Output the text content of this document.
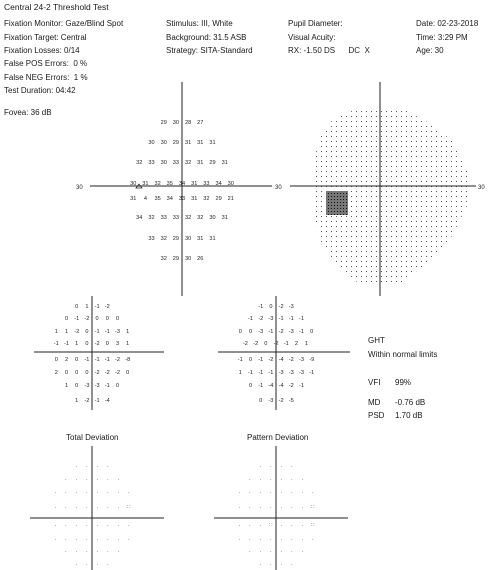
Central 24-2 Threshold Test
Fixation Monitor: Gaze/Blind Spot
Fixation Target: Central
Fixation Losses: 0/14
False POS Errors:  0 %
False NEG Errors:  1 %
Test Duration: 04:42
Fovea: 36 dB
Stimulus: III, White
Background: 31.5 ASB
Strategy: SITA-Standard
Pupil Diameter:
Visual Acuity:
RX: -1.50 DS      DC  X
Date: 02-23-2018
Time: 3:29 PM
Age: 30
30	30
29 30 28 27
30 30 29 31 31 31
32 33 30 33 32 31 29 31
30 31 32 35 34 31 33 34 30
31 4 35 34 33 31 32 29 21
34 32 33 33 32 32 30 31
33 32 29 30 31 31
32 29 30 26
30
0 1 -1 -2
0 -1 -2 0 0 0
1 1 -2 0 -1 -1 -3 1
-1 -1 1 0 -2 0 3 1
0 2 0 -1 -1 -1 -2 -8
2 0 0 0 -2 -2 -2 0
1 0 -3 -3 -1 0
1 -2 -1 -4
-1 0 -2 -3
-1 -2 -3 -1 -1 -1
0 0 -3 -1 -2 -3 -1 0
-2 -2 0 -2 -1 2 1
-1 0 -1 -2 -4 -2 -3 -9
1 -1 -1 -1 -3 -3 -3 -1
0 -1 -4 -4 -2 -1
0 -3 -2 -5
· · · ·
· · · · · ·
· · · · · · · ·
· · · · · · · ∷
· · · · · · · ·
· · · · · · · ·
· · · · · ·
· · · ·
· · · ·
· · · · · ·
· · · · · · · ·
· · · · · · · ∷
· · · ∷ · · · ∷
· · · · · · · ·
· · · · · ·
· · · ·
GHT
Within normal limits
VFI 99%
MD -0.76 dB
PSD 1.70 dB
Total Deviation	Pattern Deviation
